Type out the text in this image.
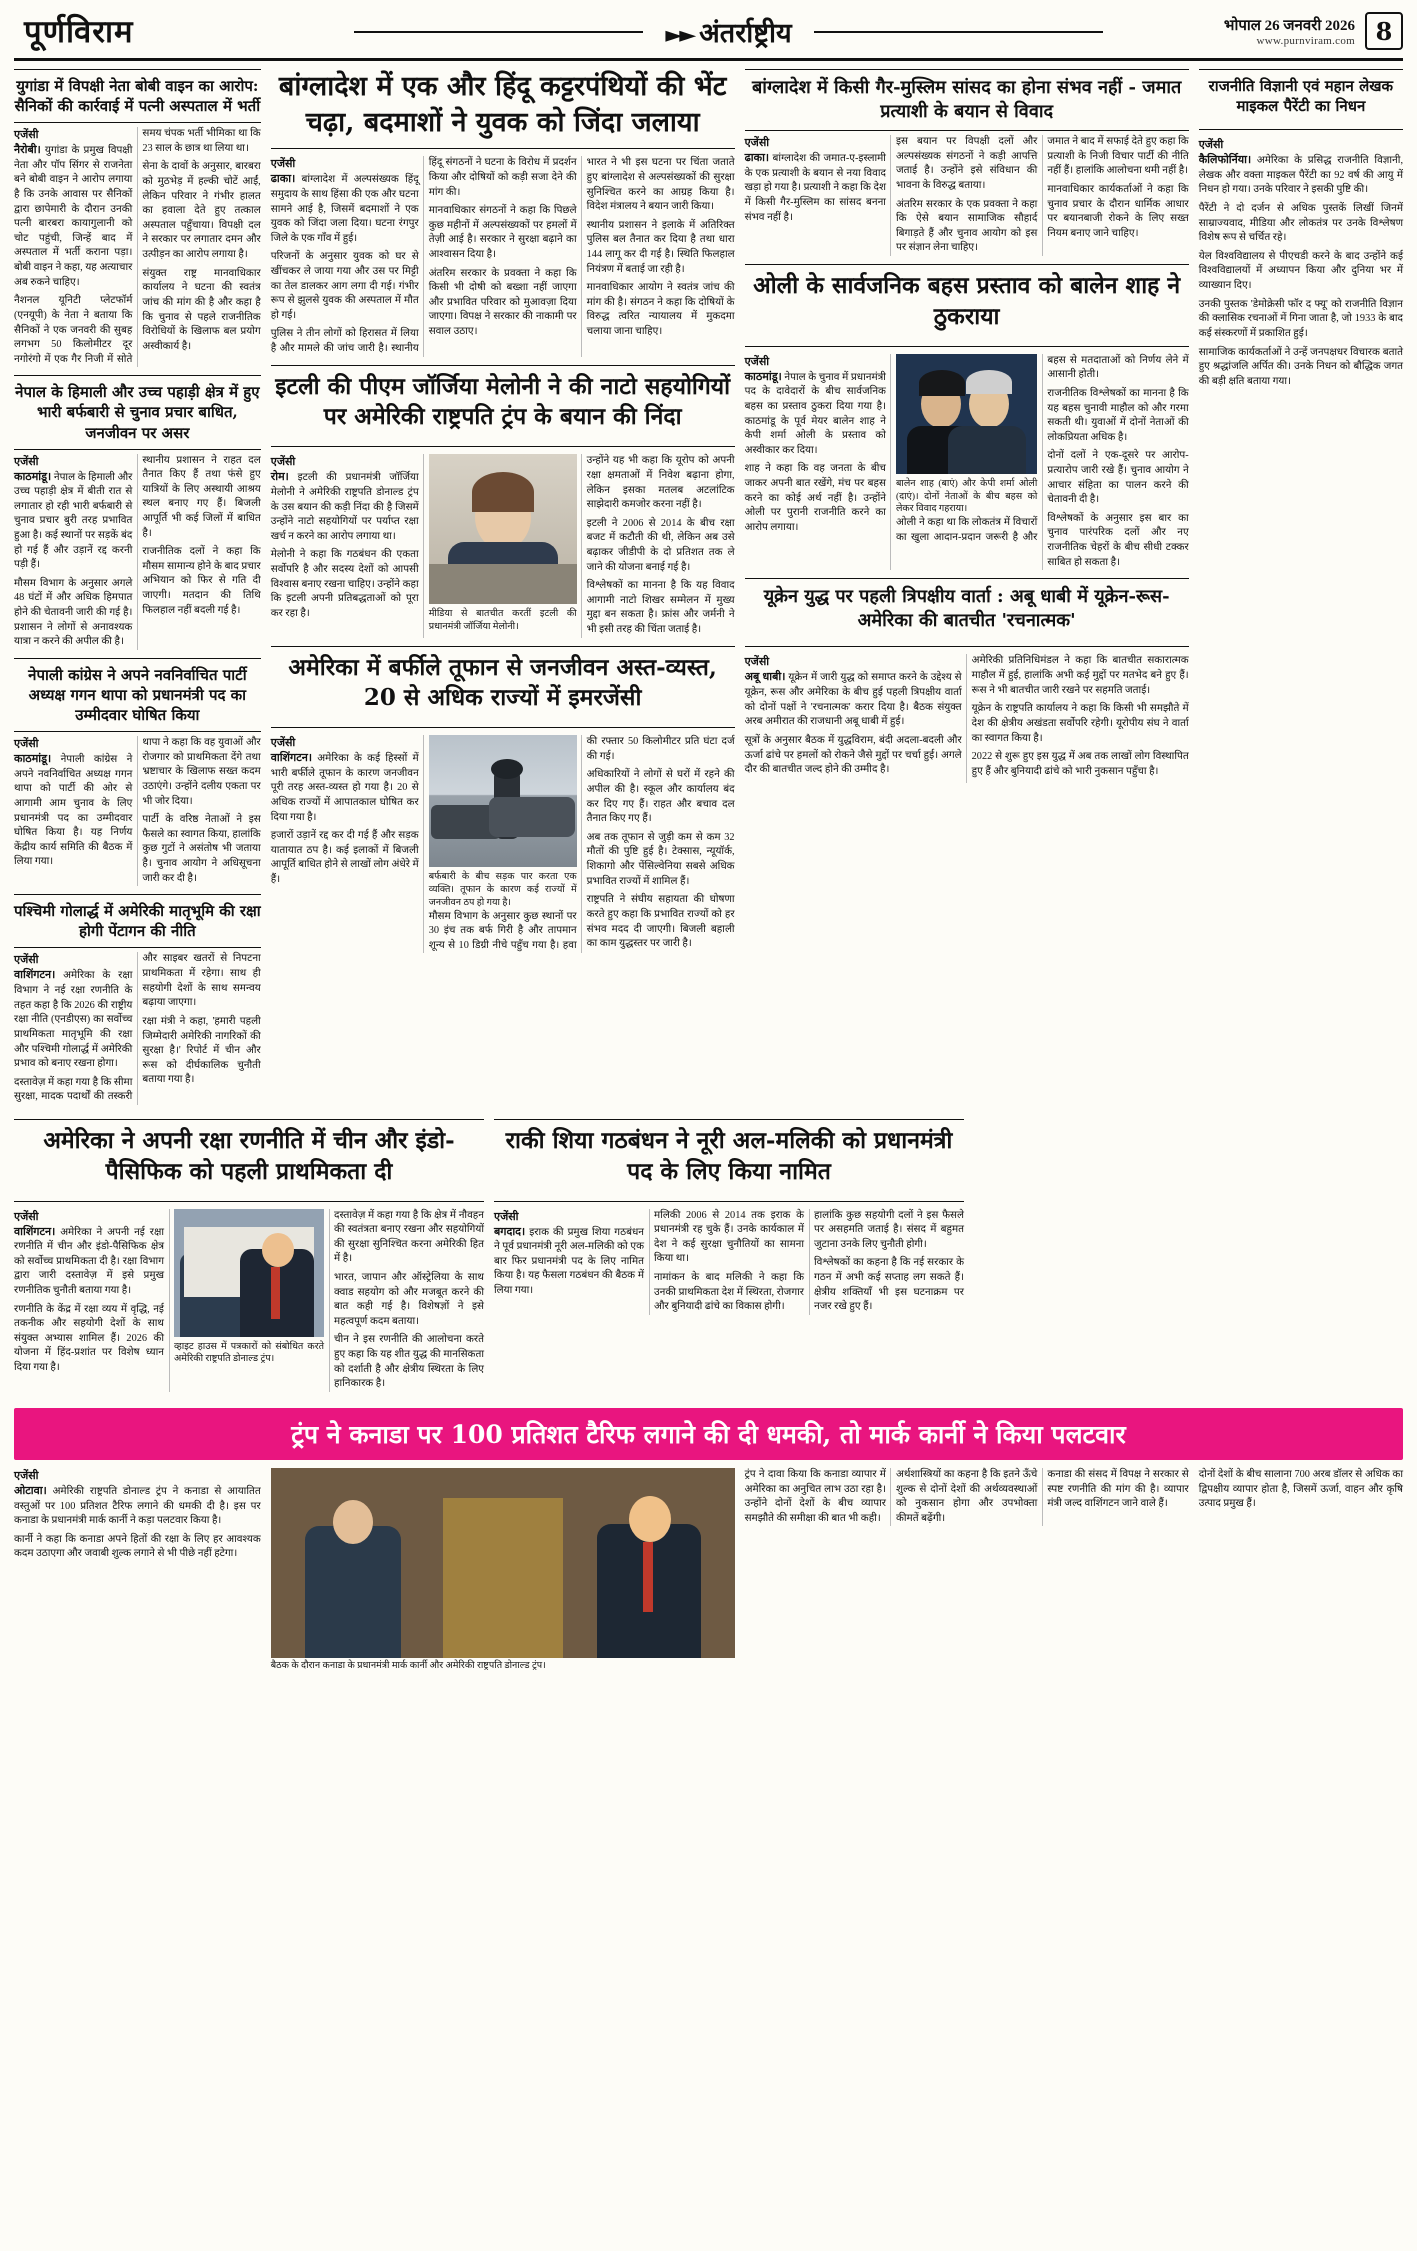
पूर्णविराम	►► अंतर्राष्ट्रीय	भोपाल 26 जनवरी 2026
www.purnviram.com 8
युगांडा में विपक्षी नेता बोबी वाइन का आरोप: सैनिकों की कार्रवाई में पत्नी अस्पताल में भर्ती
एजेंसी

नैरोबी। युगांडा के प्रमुख विपक्षी नेता और पॉप सिंगर से राजनेता बने बोबी वाइन ने आरोप लगाया है कि उनके आवास पर सैनिकों द्वारा छापेमारी के दौरान उनकी पत्नी बारबरा कायागुलानी को चोट पहुंची, जिन्हें बाद में अस्पताल में भर्ती कराना पड़ा। बोबी वाइन ने कहा, यह अत्याचार अब रुकने चाहिए।

नैशनल यूनिटी प्लेटफॉर्म (एनयूपी) के नेता ने बताया कि सैनिकों ने एक जनवरी की सुबह लगभग 50 किलोमीटर दूर नगोरंगो में एक गैर निजी में सोते समय चंपक भर्ती भीमिका था कि 23 साल के छात्र था लिया था।

सेना के दावों के अनुसार, बारबरा को मुठभेड़ में हल्की चोटें आईं, लेकिन परिवार ने गंभीर हालत का हवाला देते हुए तत्काल अस्पताल पहुँचाया। विपक्षी दल ने सरकार पर लगातार दमन और उत्पीड़न का आरोप लगाया है।

संयुक्त राष्ट्र मानवाधिकार कार्यालय ने घटना की स्वतंत्र जांच की मांग की है और कहा है कि चुनाव से पहले राजनीतिक विरोधियों के खिलाफ बल प्रयोग अस्वीकार्य है।

नेपाल के हिमाली और उच्च पहाड़ी क्षेत्र में हुए भारी बर्फबारी से चुनाव प्रचार बाधित, जनजीवन पर असर
एजेंसी

काठमांडू। नेपाल के हिमाली और उच्च पहाड़ी क्षेत्र में बीती रात से लगातार हो रही भारी बर्फबारी से चुनाव प्रचार बुरी तरह प्रभावित हुआ है। कई स्थानों पर सड़कें बंद हो गई हैं और उड़ानें रद्द करनी पड़ी हैं।

मौसम विभाग के अनुसार अगले 48 घंटों में और अधिक हिमपात होने की चेतावनी जारी की गई है। प्रशासन ने लोगों से अनावश्यक यात्रा न करने की अपील की है।

स्थानीय प्रशासन ने राहत दल तैनात किए हैं तथा फंसे हुए यात्रियों के लिए अस्थायी आश्रय स्थल बनाए गए हैं। बिजली आपूर्ति भी कई जिलों में बाधित है।

राजनीतिक दलों ने कहा कि मौसम सामान्य होने के बाद प्रचार अभियान को फिर से गति दी जाएगी। मतदान की तिथि फिलहाल नहीं बदली गई है।

नेपाली कांग्रेस ने अपने नवनिर्वाचित पार्टी अध्यक्ष गगन थापा को प्रधानमंत्री पद का उम्मीदवार घोषित किया
एजेंसी

काठमांडू। नेपाली कांग्रेस ने अपने नवनिर्वाचित अध्यक्ष गगन थापा को पार्टी की ओर से आगामी आम चुनाव के लिए प्रधानमंत्री पद का उम्मीदवार घोषित किया है। यह निर्णय केंद्रीय कार्य समिति की बैठक में लिया गया।

थापा ने कहा कि वह युवाओं और रोजगार को प्राथमिकता देंगे तथा भ्रष्टाचार के खिलाफ सख्त कदम उठाएंगे। उन्होंने दलीय एकता पर भी जोर दिया।

पार्टी के वरिष्ठ नेताओं ने इस फैसले का स्वागत किया, हालांकि कुछ गुटों ने असंतोष भी जताया है। चुनाव आयोग ने अधिसूचना जारी कर दी है।

पश्चिमी गोलार्द्ध में अमेरिकी मातृभूमि की रक्षा होगी पेंटागन की नीति
एजेंसी

वाशिंगटन। अमेरिका के रक्षा विभाग ने नई रक्षा रणनीति के तहत कहा है कि 2026 की राष्ट्रीय रक्षा नीति (एनडीएस) का सर्वोच्च प्राथमिकता मातृभूमि की रक्षा और पश्चिमी गोलार्द्ध में अमेरिकी प्रभाव को बनाए रखना होगा।

दस्तावेज़ में कहा गया है कि सीमा सुरक्षा, मादक पदार्थों की तस्करी और साइबर खतरों से निपटना प्राथमिकता में रहेगा। साथ ही सहयोगी देशों के साथ समन्वय बढ़ाया जाएगा।

रक्षा मंत्री ने कहा, 'हमारी पहली जिम्मेदारी अमेरिकी नागरिकों की सुरक्षा है।' रिपोर्ट में चीन और रूस को दीर्घकालिक चुनौती बताया गया है।

बांग्लादेश में एक और हिंदू कट्टरपंथियों की भेंट चढ़ा, बदमाशों ने युवक को जिंदा जलाया
एजेंसी

ढाका। बांग्लादेश में अल्पसंख्यक हिंदू समुदाय के साथ हिंसा की एक और घटना सामने आई है, जिसमें बदमाशों ने एक युवक को जिंदा जला दिया। घटना रंगपुर जिले के एक गाँव में हुई।

परिजनों के अनुसार युवक को घर से खींचकर ले जाया गया और उस पर मिट्टी का तेल डालकर आग लगा दी गई। गंभीर रूप से झुलसे युवक की अस्पताल में मौत हो गई।

पुलिस ने तीन लोगों को हिरासत में लिया है और मामले की जांच जारी है। स्थानीय हिंदू संगठनों ने घटना के विरोध में प्रदर्शन किया और दोषियों को कड़ी सजा देने की मांग की।

मानवाधिकार संगठनों ने कहा कि पिछले कुछ महीनों में अल्पसंख्यकों पर हमलों में तेज़ी आई है। सरकार ने सुरक्षा बढ़ाने का आश्वासन दिया है।

अंतरिम सरकार के प्रवक्ता ने कहा कि किसी भी दोषी को बख्शा नहीं जाएगा और प्रभावित परिवार को मुआवज़ा दिया जाएगा। विपक्ष ने सरकार की नाकामी पर सवाल उठाए।

भारत ने भी इस घटना पर चिंता जताते हुए बांग्लादेश से अल्पसंख्यकों की सुरक्षा सुनिश्चित करने का आग्रह किया है। विदेश मंत्रालय ने बयान जारी किया।

स्थानीय प्रशासन ने इलाके में अतिरिक्त पुलिस बल तैनात कर दिया है तथा धारा 144 लागू कर दी गई है। स्थिति फिलहाल नियंत्रण में बताई जा रही है।

मानवाधिकार आयोग ने स्वतंत्र जांच की मांग की है। संगठन ने कहा कि दोषियों के विरुद्ध त्वरित न्यायालय में मुकदमा चलाया जाना चाहिए।

इटली की पीएम जॉर्जिया मेलोनी ने की नाटो सहयोगियों पर अमेरिकी राष्ट्रपति ट्रंप के बयान की निंदा
एजेंसी

रोम। इटली की प्रधानमंत्री जॉर्जिया मेलोनी ने अमेरिकी राष्ट्रपति डोनाल्ड ट्रंप के उस बयान की कड़ी निंदा की है जिसमें उन्होंने नाटो सहयोगियों पर पर्याप्त रक्षा खर्च न करने का आरोप लगाया था।

मेलोनी ने कहा कि गठबंधन की एकता सर्वोपरि है और सदस्य देशों को आपसी विश्वास बनाए रखना चाहिए। उन्होंने कहा कि इटली अपनी प्रतिबद्धताओं को पूरा कर रहा है।	मीडिया से बातचीत करतीं इटली की प्रधानमंत्री जॉर्जिया मेलोनी।

उन्होंने यह भी कहा कि यूरोप को अपनी रक्षा क्षमताओं में निवेश बढ़ाना होगा, लेकिन इसका मतलब अटलांटिक साझेदारी कमजोर करना नहीं है।

इटली ने 2006 से 2014 के बीच रक्षा बजट में कटौती की थी, लेकिन अब उसे बढ़ाकर जीडीपी के दो प्रतिशत तक ले जाने की योजना बनाई गई है।

विश्लेषकों का मानना है कि यह विवाद आगामी नाटो शिखर सम्मेलन में मुख्य मुद्दा बन सकता है। फ्रांस और जर्मनी ने भी इसी तरह की चिंता जताई है।

अमेरिका में बर्फीले तूफान से जनजीवन अस्त-व्यस्त, 20 से अधिक राज्यों में इमरजेंसी
एजेंसी

वाशिंगटन। अमेरिका के कई हिस्सों में भारी बर्फीले तूफान के कारण जनजीवन पूरी तरह अस्त-व्यस्त हो गया है। 20 से अधिक राज्यों में आपातकाल घोषित कर दिया गया है।

हजारों उड़ानें रद्द कर दी गई हैं और सड़क यातायात ठप है। कई इलाकों में बिजली आपूर्ति बाधित होने से लाखों लोग अंधेरे में हैं।	बर्फबारी के बीच सड़क पार करता एक व्यक्ति। तूफान के कारण कई राज्यों में जनजीवन ठप हो गया है।

मौसम विभाग के अनुसार कुछ स्थानों पर 30 इंच तक बर्फ गिरी है और तापमान शून्य से 10 डिग्री नीचे पहुँच गया है। हवा की रफ्तार 50 किलोमीटर प्रति घंटा दर्ज की गई।

अधिकारियों ने लोगों से घरों में रहने की अपील की है। स्कूल और कार्यालय बंद कर दिए गए हैं। राहत और बचाव दल तैनात किए गए हैं।

अब तक तूफान से जुड़ी कम से कम 32 मौतों की पुष्टि हुई है। टेक्सास, न्यूयॉर्क, शिकागो और पेंसिल्वेनिया सबसे अधिक प्रभावित राज्यों में शामिल हैं।

राष्ट्रपति ने संघीय सहायता की घोषणा करते हुए कहा कि प्रभावित राज्यों को हर संभव मदद दी जाएगी। बिजली बहाली का काम युद्धस्तर पर जारी है।

बांग्लादेश में किसी गैर-मुस्लिम सांसद का होना संभव नहीं - जमात प्रत्याशी के बयान से विवाद
एजेंसी

ढाका। बांग्लादेश की जमात-ए-इस्लामी के एक प्रत्याशी के बयान से नया विवाद खड़ा हो गया है। प्रत्याशी ने कहा कि देश में किसी गैर-मुस्लिम का सांसद बनना संभव नहीं है।

इस बयान पर विपक्षी दलों और अल्पसंख्यक संगठनों ने कड़ी आपत्ति जताई है। उन्होंने इसे संविधान की भावना के विरुद्ध बताया।

अंतरिम सरकार के एक प्रवक्ता ने कहा कि ऐसे बयान सामाजिक सौहार्द बिगाड़ते हैं और चुनाव आयोग को इस पर संज्ञान लेना चाहिए।

जमात ने बाद में सफाई देते हुए कहा कि प्रत्याशी के निजी विचार पार्टी की नीति नहीं हैं। हालांकि आलोचना थमी नहीं है।

मानवाधिकार कार्यकर्ताओं ने कहा कि चुनाव प्रचार के दौरान धार्मिक आधार पर बयानबाजी रोकने के लिए सख्त नियम बनाए जाने चाहिए।

ओली के सार्वजनिक बहस प्रस्ताव को बालेन शाह ने ठुकराया
एजेंसी

काठमांडू। नेपाल के चुनाव में प्रधानमंत्री पद के दावेदारों के बीच सार्वजनिक बहस का प्रस्ताव ठुकरा दिया गया है। काठमांडू के पूर्व मेयर बालेन शाह ने केपी शर्मा ओली के प्रस्ताव को अस्वीकार कर दिया।

शाह ने कहा कि वह जनता के बीच जाकर अपनी बात रखेंगे, मंच पर बहस करने का कोई अर्थ नहीं है। उन्होंने ओली पर पुरानी राजनीति करने का आरोप लगाया।

बालेन शाह (बाएं) और केपी शर्मा ओली (दाएं)। दोनों नेताओं के बीच बहस को लेकर विवाद गहराया।

ओली ने कहा था कि लोकतंत्र में विचारों का खुला आदान-प्रदान जरूरी है और बहस से मतदाताओं को निर्णय लेने में आसानी होती।

राजनीतिक विश्लेषकों का मानना है कि यह बहस चुनावी माहौल को और गरमा सकती थी। युवाओं में दोनों नेताओं की लोकप्रियता अधिक है।

दोनों दलों ने एक-दूसरे पर आरोप-प्रत्यारोप जारी रखे हैं। चुनाव आयोग ने आचार संहिता का पालन करने की चेतावनी दी है।

विश्लेषकों के अनुसार इस बार का चुनाव पारंपरिक दलों और नए राजनीतिक चेहरों के बीच सीधी टक्कर साबित हो सकता है।

यूक्रेन युद्ध पर पहली त्रिपक्षीय वार्ता : अबू धाबी में यूक्रेन-रूस-अमेरिका की बातचीत 'रचनात्मक'
एजेंसी

अबू धाबी। यूक्रेन में जारी युद्ध को समाप्त करने के उद्देश्य से यूक्रेन, रूस और अमेरिका के बीच हुई पहली त्रिपक्षीय वार्ता को दोनों पक्षों ने 'रचनात्मक' करार दिया है। बैठक संयुक्त अरब अमीरात की राजधानी अबू धाबी में हुई।

सूत्रों के अनुसार बैठक में युद्धविराम, बंदी अदला-बदली और ऊर्जा ढांचे पर हमलों को रोकने जैसे मुद्दों पर चर्चा हुई। अगले दौर की बातचीत जल्द होने की उम्मीद है।

अमेरिकी प्रतिनिधिमंडल ने कहा कि बातचीत सकारात्मक माहौल में हुई, हालांकि अभी कई मुद्दों पर मतभेद बने हुए हैं। रूस ने भी बातचीत जारी रखने पर सहमति जताई।

यूक्रेन के राष्ट्रपति कार्यालय ने कहा कि किसी भी समझौते में देश की क्षेत्रीय अखंडता सर्वोपरि रहेगी। यूरोपीय संघ ने वार्ता का स्वागत किया है।

2022 से शुरू हुए इस युद्ध में अब तक लाखों लोग विस्थापित हुए हैं और बुनियादी ढांचे को भारी नुकसान पहुँचा है।

राजनीति विज्ञानी एवं महान लेखक माइकल पैरेंटी का निधन
एजेंसी

कैलिफोर्निया। अमेरिका के प्रसिद्ध राजनीति विज्ञानी, लेखक और वक्ता माइकल पैरेंटी का 92 वर्ष की आयु में निधन हो गया। उनके परिवार ने इसकी पुष्टि की।

पैरेंटी ने दो दर्जन से अधिक पुस्तकें लिखीं जिनमें साम्राज्यवाद, मीडिया और लोकतंत्र पर उनके विश्लेषण विशेष रूप से चर्चित रहे।

येल विश्वविद्यालय से पीएचडी करने के बाद उन्होंने कई विश्वविद्यालयों में अध्यापन किया और दुनिया भर में व्याख्यान दिए।

उनकी पुस्तक 'डेमोक्रेसी फॉर द फ्यू' को राजनीति विज्ञान की क्लासिक रचनाओं में गिना जाता है, जो 1933 के बाद कई संस्करणों में प्रकाशित हुई।

सामाजिक कार्यकर्ताओं ने उन्हें जनपक्षधर विचारक बताते हुए श्रद्धांजलि अर्पित की। उनके निधन को बौद्धिक जगत की बड़ी क्षति बताया गया।

अमेरिका ने अपनी रक्षा रणनीति में चीन और इंडो-पैसिफिक को पहली प्राथमिकता दी
एजेंसी

वाशिंगटन। अमेरिका ने अपनी नई रक्षा रणनीति में चीन और इंडो-पैसिफिक क्षेत्र को सर्वोच्च प्राथमिकता दी है। रक्षा विभाग द्वारा जारी दस्तावेज़ में इसे प्रमुख रणनीतिक चुनौती बताया गया है।

रणनीति के केंद्र में रक्षा व्यय में वृद्धि, नई तकनीक और सहयोगी देशों के साथ संयुक्त अभ्यास शामिल हैं। 2026 की योजना में हिंद-प्रशांत पर विशेष ध्यान दिया गया है।

व्हाइट हाउस में पत्रकारों को संबोधित करते अमेरिकी राष्ट्रपति डोनाल्ड ट्रंप।

दस्तावेज़ में कहा गया है कि क्षेत्र में नौवहन की स्वतंत्रता बनाए रखना और सहयोगियों की सुरक्षा सुनिश्चित करना अमेरिकी हित में है।

भारत, जापान और ऑस्ट्रेलिया के साथ क्वाड सहयोग को और मजबूत करने की बात कही गई है। विशेषज्ञों ने इसे महत्वपूर्ण कदम बताया।

चीन ने इस रणनीति की आलोचना करते हुए कहा कि यह शीत युद्ध की मानसिकता को दर्शाती है और क्षेत्रीय स्थिरता के लिए हानिकारक है।

राकी शिया गठबंधन ने नूरी अल-मलिकी को प्रधानमंत्री पद के लिए किया नामित
एजेंसी

बगदाद। इराक की प्रमुख शिया गठबंधन ने पूर्व प्रधानमंत्री नूरी अल-मलिकी को एक बार फिर प्रधानमंत्री पद के लिए नामित किया है। यह फैसला गठबंधन की बैठक में लिया गया।

मलिकी 2006 से 2014 तक इराक के प्रधानमंत्री रह चुके हैं। उनके कार्यकाल में देश ने कई सुरक्षा चुनौतियों का सामना किया था।

नामांकन के बाद मलिकी ने कहा कि उनकी प्राथमिकता देश में स्थिरता, रोजगार और बुनियादी ढांचे का विकास होगी।

हालांकि कुछ सहयोगी दलों ने इस फैसले पर असहमति जताई है। संसद में बहुमत जुटाना उनके लिए चुनौती होगी।

विश्लेषकों का कहना है कि नई सरकार के गठन में अभी कई सप्ताह लग सकते हैं। क्षेत्रीय शक्तियाँ भी इस घटनाक्रम पर नजर रखे हुए हैं।

ट्रंप ने कनाडा पर 100 प्रतिशत टैरिफ लगाने की दी धमकी, तो मार्क कार्नी ने किया पलटवार
एजेंसी

ओटावा। अमेरिकी राष्ट्रपति डोनाल्ड ट्रंप ने कनाडा से आयातित वस्तुओं पर 100 प्रतिशत टैरिफ लगाने की धमकी दी है। इस पर कनाडा के प्रधानमंत्री मार्क कार्नी ने कड़ा पलटवार किया है।

कार्नी ने कहा कि कनाडा अपने हितों की रक्षा के लिए हर आवश्यक कदम उठाएगा और जवाबी शुल्क लगाने से भी पीछे नहीं हटेगा।

बैठक के दौरान कनाडा के प्रधानमंत्री मार्क कार्नी और अमेरिकी राष्ट्रपति डोनाल्ड ट्रंप।

ट्रंप ने दावा किया कि कनाडा व्यापार में अमेरिका का अनुचित लाभ उठा रहा है। उन्होंने दोनों देशों के बीच व्यापार समझौते की समीक्षा की बात भी कही।

अर्थशास्त्रियों का कहना है कि इतने ऊँचे शुल्क से दोनों देशों की अर्थव्यवस्थाओं को नुकसान होगा और उपभोक्ता कीमतें बढ़ेंगी।

कनाडा की संसद में विपक्ष ने सरकार से स्पष्ट रणनीति की मांग की है। व्यापार मंत्री जल्द वाशिंगटन जाने वाले हैं।

दोनों देशों के बीच सालाना 700 अरब डॉलर से अधिक का द्विपक्षीय व्यापार होता है, जिसमें ऊर्जा, वाहन और कृषि उत्पाद प्रमुख हैं।
